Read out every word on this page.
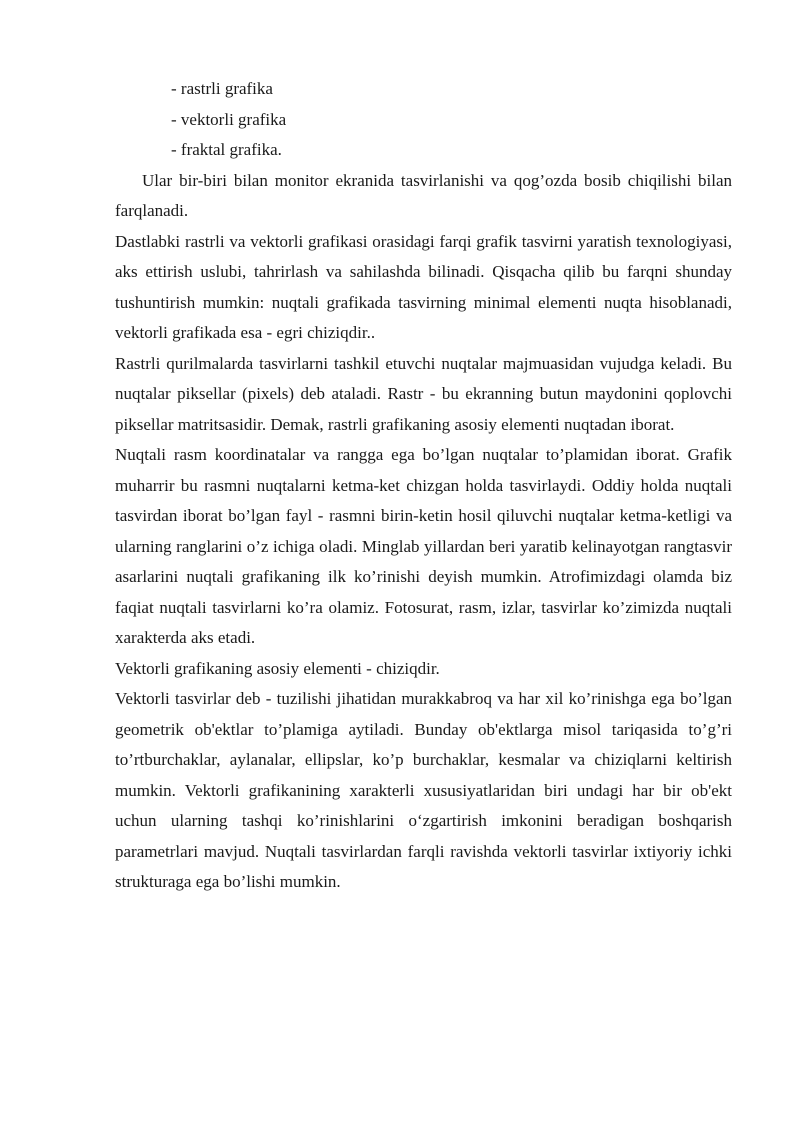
- rastrli grafika
- vektorli grafika
- fraktal grafika.

Ular bir-biri bilan monitor ekranida tasvirlanishi va qog’ozda bosib chiqilishi bilan farqlanadi.

Dastlabki rastrli va vektorli grafikasi orasidagi farqi grafik tasvirni yaratish texnologiyasi, aks ettirish uslubi, tahrirlash va sahilashda bilinadi. Qisqacha qilib bu farqni shunday tushuntirish mumkin: nuqtali grafikada tasvirning minimal elementi nuqta hisoblanadi, vektorli grafikada esa - egri chiziqdir..

Rastrli qurilmalarda tasvirlarni tashkil etuvchi nuqtalar majmuasidan vujudga keladi. Bu nuqtalar piksellar (pixels) deb ataladi. Rastr - bu ekranning butun maydonini qoplovchi piksellar matritsasidir. Demak, rastrli grafikaning asosiy elementi nuqtadan iborat.

Nuqtali rasm koordinatalar va rangga ega bo’lgan nuqtalar to’plamidan iborat. Grafik muharrir bu rasmni nuqtalarni ketma-ket chizgan holda tasvirlaydi. Oddiy holda nuqtali tasvirdan iborat bo’lgan fayl - rasmni birin-ketin hosil qiluvchi nuqtalar ketma-ketligi va ularning ranglarini o’z ichiga oladi. Minglab yillardan beri yaratib kelinayotgan rangtasvir asarlarini nuqtali grafikaning ilk ko’rinishi deyish mumkin. Atrofimizdagi olamda biz faqiat nuqtali tasvirlarni ko’ra olamiz. Fotosurat, rasm, izlar, tasvirlar ko’zimizda nuqtali xarakterda aks etadi.

Vektorli grafikaning asosiy elementi - chiziqdir.

Vektorli tasvirlar deb - tuzilishi jihatidan murakkabroq va har xil ko’rinishga ega bo’lgan geometrik ob'ektlar to’plamiga aytiladi. Bunday ob'ektlarga misol tariqasida to’g’ri to’rtburchaklar, aylanalar, ellipslar, ko’p burchaklar, kesmalar va chiziqlarni keltirish mumkin. Vektorli grafikanining xarakterli xususiyatlaridan biri undagi har bir ob'ekt uchun ularning tashqi ko’rinishlarini o‘zgartirish imkonini beradigan boshqarish parametrlari mavjud. Nuqtali tasvirlardan farqli ravishda vektorli tasvirlar ixtiyoriy ichki strukturaga ega bo’lishi mumkin.
